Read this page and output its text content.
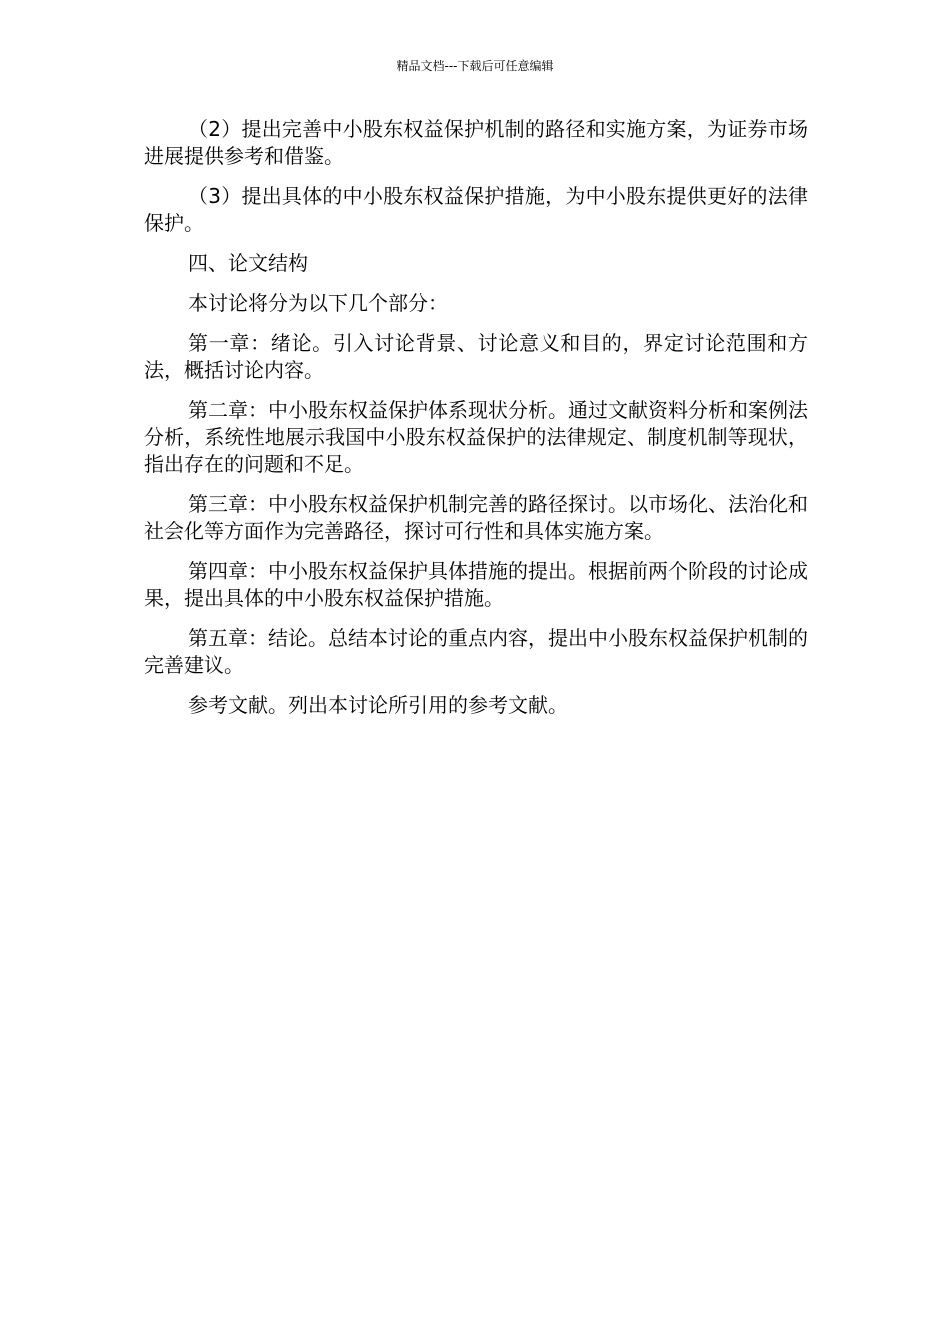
精品文档---下载后可任意编辑

（2）提出完善中小股东权益保护机制的路径和实施方案，为证券市场进展提供参考和借鉴。

（3）提出具体的中小股东权益保护措施，为中小股东提供更好的法律保护。

四、论文结构

本讨论将分为以下几个部分：

第一章：绪论。引入讨论背景、讨论意义和目的，界定讨论范围和方法，概括讨论内容。

第二章：中小股东权益保护体系现状分析。通过文献资料分析和案例法分析，系统性地展示我国中小股东权益保护的法律规定、制度机制等现状，指出存在的问题和不足。

第三章：中小股东权益保护机制完善的路径探讨。以市场化、法治化和社会化等方面作为完善路径，探讨可行性和具体实施方案。

第四章：中小股东权益保护具体措施的提出。根据前两个阶段的讨论成果，提出具体的中小股东权益保护措施。

第五章：结论。总结本讨论的重点内容，提出中小股东权益保护机制的完善建议。

参考文献。列出本讨论所引用的参考文献。
